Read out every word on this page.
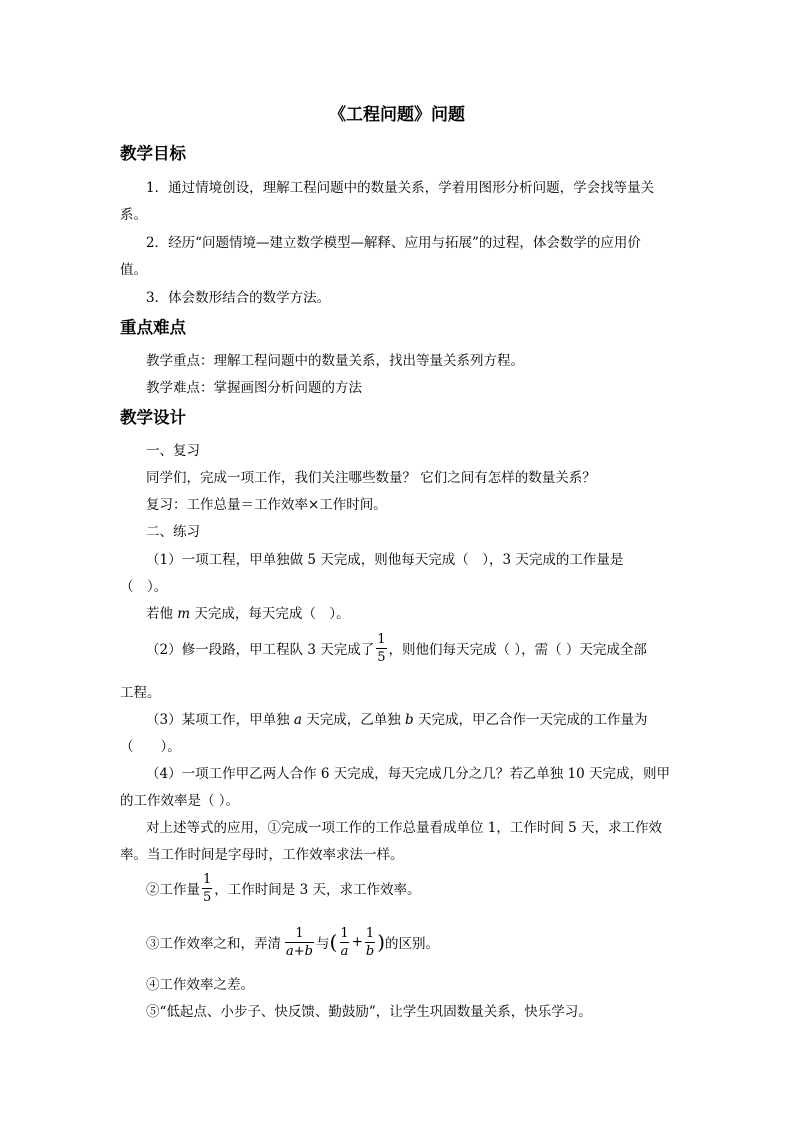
《工程问题》问题
教学目标
1．通过情境创设，理解工程问题中的数量关系，学着用图形分析问题，学会找等量关
系。
2．经历“问题情境—建立数学模型—解释、应用与拓展”的过程，体会数学的应用价
值。
3．体会数形结合的数学方法。
重点难点
教学重点：理解工程问题中的数量关系，找出等量关系列方程。
教学难点：掌握画图分析问题的方法
教学设计
一、复习
同学们，完成一项工作，我们关注哪些数量？ 它们之间有怎样的数量关系？
复习：工作总量＝工作效率×工作时间。
二、练习
（1）一项工程，甲单独做 5 天完成，则他每天完成（　），3 天完成的工作量是
（　）。
若他 m 天完成，每天完成（　）。
（2）修一段路，甲工程队 3 天完成了 $\frac{1}{5}$ ，则他们每天完成（ ），需（ ）天完成全部
工程。
（3）某项工作，甲单独 a 天完成，乙单独 b 天完成，甲乙合作一天完成的工作量为
（　　）。
（4）一项工作甲乙两人合作 6 天完成，每天完成几分之几？若乙单独 10 天完成，则甲
的工作效率是（ ）。
对上述等式的应用，①完成一项工作的工作总量看成单位 1，工作时间 5 天，求工作效
率。当工作时间是字母时，工作效率求法一样。
②工作量 $\frac{1}{5}$ ，工作时间是 3 天，求工作效率。
③工作效率之和，弄清 $\frac{1}{a+b}$ 与 ( $\frac{1}{a} + \frac{1}{b}$ ) 的区别。
④工作效率之差。
⑤“低起点、小步子、快反馈、勤鼓励”，让学生巩固数量关系，快乐学习。
